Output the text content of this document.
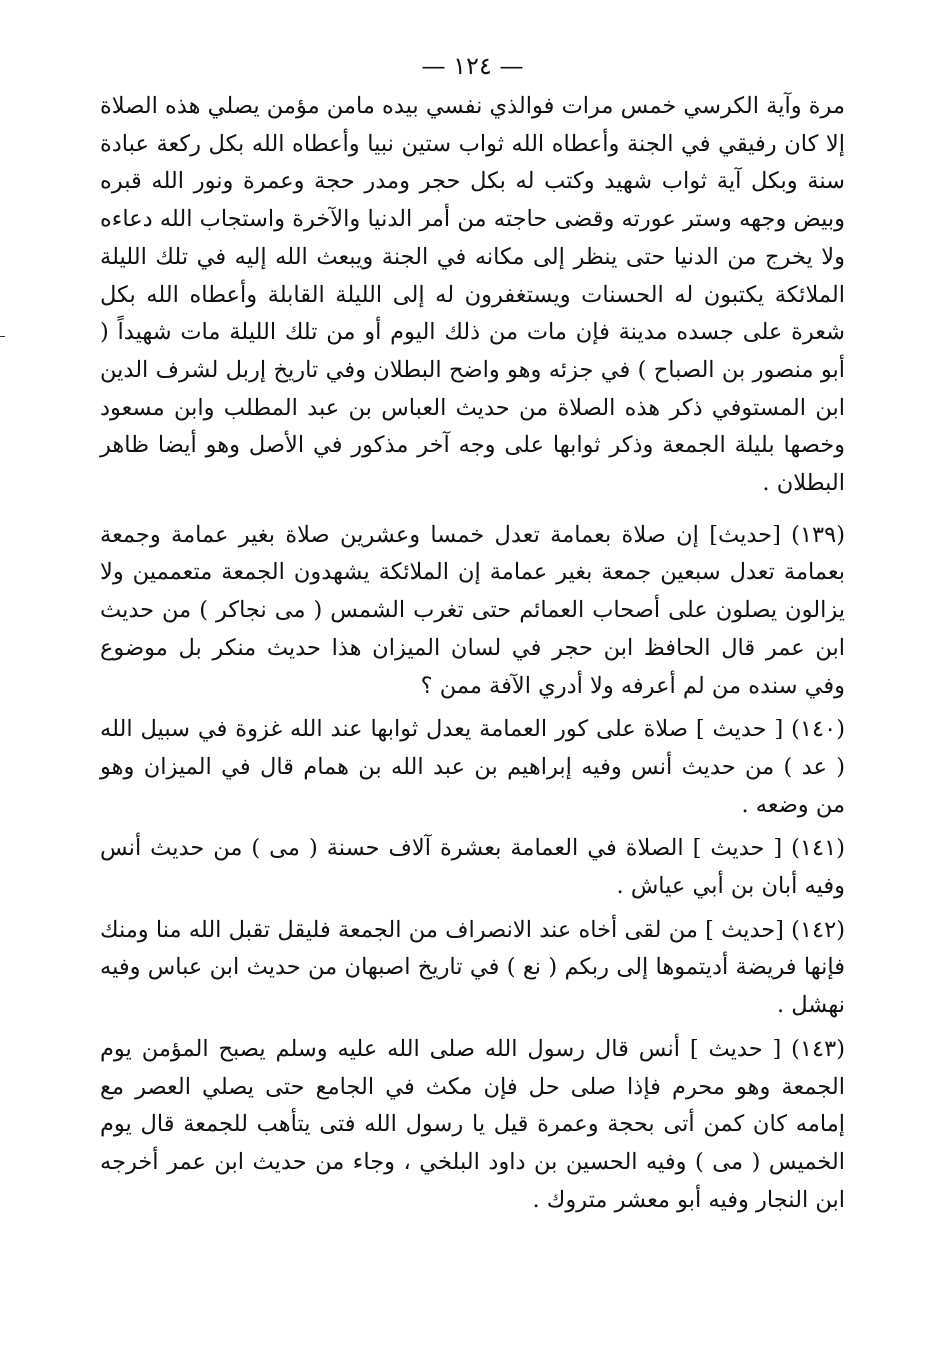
— ١٢٤ —

مرة وآية الكرسي خمس مرات فوالذي نفسي بيده مامن مؤمن يصلي هذه الصلاة إلا كان رفيقي في الجنة وأعطاه الله ثواب ستين نبيا وأعطاه الله بكل ركعة عبادة سنة وبكل آية ثواب شهيد وكتب له بكل حجر ومدر حجة وعمرة ونور الله قبره وبيض وجهه وستر عورته وقضى حاجته من أمر الدنيا والآخرة واستجاب الله دعاءه ولا يخرج من الدنيا حتى ينظر إلى مكانه في الجنة ويبعث الله إليه في تلك الليلة الملائكة يكتبون له الحسنات ويستغفرون له إلى الليلة القابلة وأعطاه الله بكل شعرة على جسده مدينة فإن مات من ذلك اليوم أو من تلك الليلة مات شهيداً ( أبو منصور بن الصباح ) في جزئه وهو واضح البطلان وفي تاريخ إربل لشرف الدين ابن المستوفي ذكر هذه الصلاة من حديث العباس بن عبد المطلب وابن مسعود وخصها بليلة الجمعة وذكر ثوابها على وجه آخر مذكور في الأصل وهو أيضا ظاهر البطلان .

(١٣٩) [حديث] إن صلاة بعمامة تعدل خمسا وعشرين صلاة بغير عمامة وجمعة بعمامة تعدل سبعين جمعة بغير عمامة إن الملائكة يشهدون الجمعة متعممين ولا يزالون يصلون على أصحاب العمائم حتى تغرب الشمس ( مى نجاكر ) من حديث ابن عمر قال الحافظ ابن حجر في لسان الميزان هذا حديث منكر بل موضوع وفي سنده من لم أعرفه ولا أدري الآفة ممن ؟

(١٤٠) [ حديث ] صلاة على كور العمامة يعدل ثوابها عند الله غزوة في سبيل الله ( عد ) من حديث أنس وفيه إبراهيم بن عبد الله بن همام قال في الميزان وهو من وضعه .

(١٤١) [ حديث ] الصلاة في العمامة بعشرة آلاف حسنة ( مى ) من حديث أنس وفيه أبان بن أبي عياش .

(١٤٢) [حديث ] من لقى أخاه عند الانصراف من الجمعة فليقل تقبل الله منا ومنك فإنها فريضة أديتموها إلى ربكم ( نع ) في تاريخ اصبهان من حديث ابن عباس وفيه نهشل .

(١٤٣) [ حديث ] أنس قال رسول الله صلى الله عليه وسلم يصبح المؤمن يوم الجمعة وهو محرم فإذا صلى حل فإن مكث في الجامع حتى يصلي العصر مع إمامه كان كمن أتى بحجة وعمرة قيل يا رسول الله فتى يتأهب للجمعة قال يوم الخميس ( مى ) وفيه الحسين بن داود البلخي ، وجاء من حديث ابن عمر أخرجه ابن النجار وفيه أبو معشر متروك .
